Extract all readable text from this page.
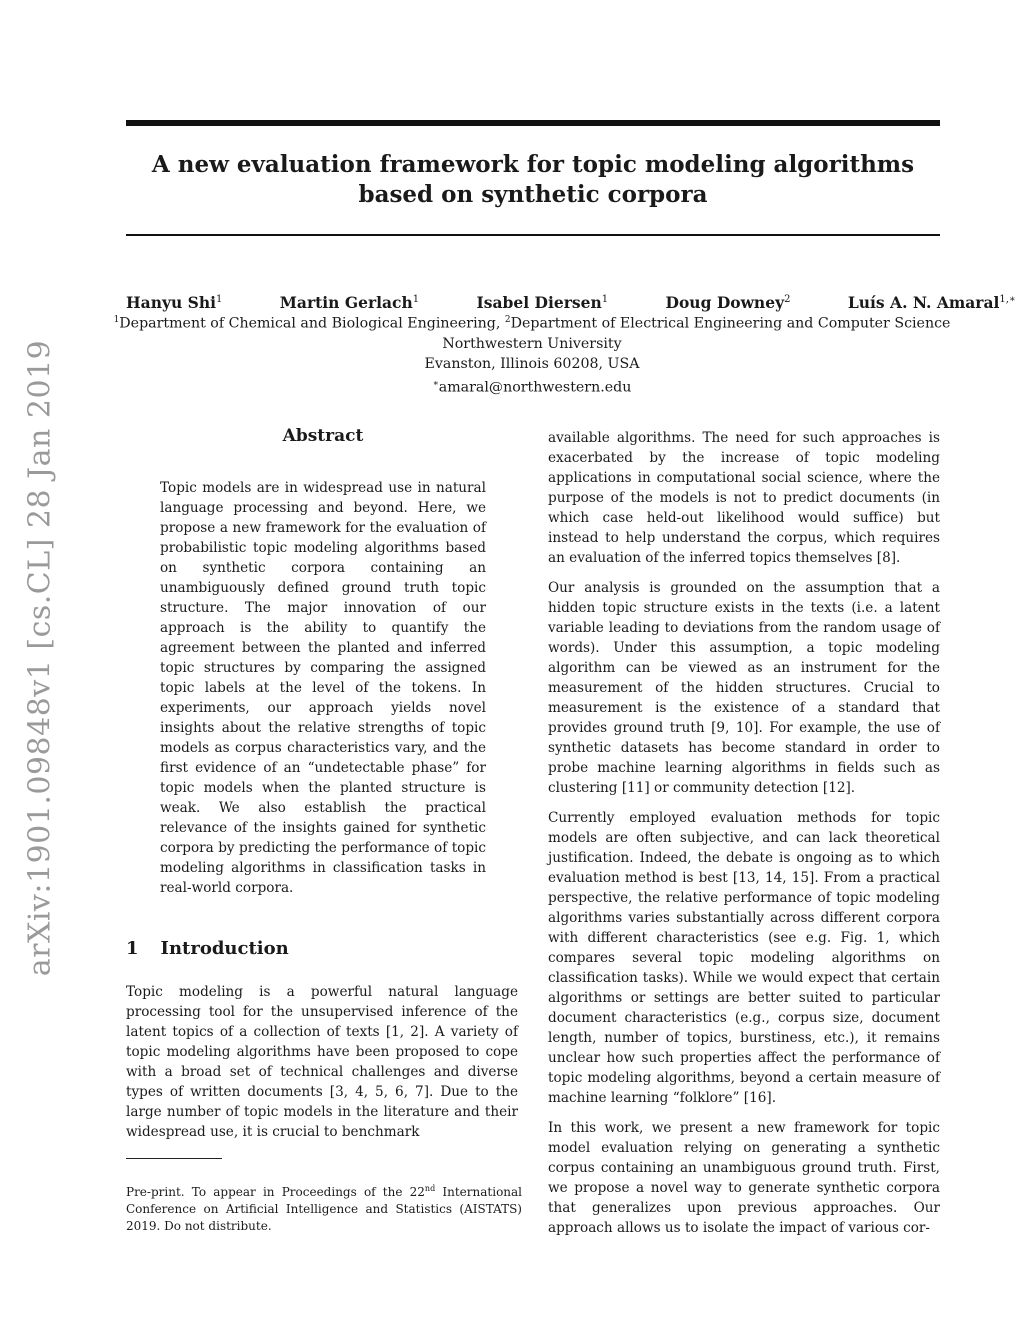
A new evaluation framework for topic modeling algorithms based on synthetic corpora
Hanyu Shi$^1$	Martin Gerlach$^1$	Isabel Diersen$^1$	Doug Downey$^2$	Luís A. N. Amaral$^{1,∗}$
$^1$Department of Chemical and Biological Engineering, $^2$Department of Electrical Engineering and Computer Science
Northwestern University
Evanston, Illinois 60208, USA
∗amaral@northwestern.edu
arXiv:1901.09848v1 [cs.CL] 28 Jan 2019	Abstract
Topic models are in widespread use in natural language processing and beyond. Here, we propose a new framework for the evaluation of probabilistic topic modeling algorithms based on synthetic corpora containing an unambiguously defined ground truth topic structure. The major innovation of our approach is the ability to quantify the agreement between the planted and inferred topic structures by comparing the assigned topic labels at the level of the tokens. In experiments, our approach yields novel insights about the relative strengths of topic models as corpus characteristics vary, and the first evidence of an “undetectable phase” for topic models when the planted structure is weak. We also establish the practical relevance of the insights gained for synthetic corpora by predicting the performance of topic modeling algorithms in classification tasks in real-world corpora.
1 Introduction
Topic modeling is a powerful natural language processing tool for the unsupervised inference of the latent topics of a collection of texts [1, 2]. A variety of topic modeling algorithms have been proposed to cope with a broad set of technical challenges and diverse types of written documents [3, 4, 5, 6, 7]. Due to the large number of topic models in the literature and their widespread use, it is crucial to benchmark
Pre-print. To appear in Proceedings of the 22nd International Conference on Artificial Intelligence and Statistics (AISTATS) 2019. Do not distribute.

available algorithms. The need for such approaches is exacerbated by the increase of topic modeling applications in computational social science, where the purpose of the models is not to predict documents (in which case held-out likelihood would suffice) but instead to help understand the corpus, which requires an evaluation of the inferred topics themselves [8].

Our analysis is grounded on the assumption that a hidden topic structure exists in the texts (i.e. a latent variable leading to deviations from the random usage of words). Under this assumption, a topic modeling algorithm can be viewed as an instrument for the measurement of the hidden structures. Crucial to measurement is the existence of a standard that provides ground truth [9, 10]. For example, the use of synthetic datasets has become standard in order to probe machine learning algorithms in fields such as clustering [11] or community detection [12].

Currently employed evaluation methods for topic models are often subjective, and can lack theoretical justification. Indeed, the debate is ongoing as to which evaluation method is best [13, 14, 15]. From a practical perspective, the relative performance of topic modeling algorithms varies substantially across different corpora with different characteristics (see e.g. Fig. 1, which compares several topic modeling algorithms on classification tasks). While we would expect that certain algorithms or settings are better suited to particular document characteristics (e.g., corpus size, document length, number of topics, burstiness, etc.), it remains unclear how such properties affect the performance of topic modeling algorithms, beyond a certain measure of machine learning “folklore” [16].

In this work, we present a new framework for topic model evaluation relying on generating a synthetic corpus containing an unambiguous ground truth. First, we propose a novel way to generate synthetic corpora that generalizes upon previous approaches. Our approach allows us to isolate the impact of various cor-
